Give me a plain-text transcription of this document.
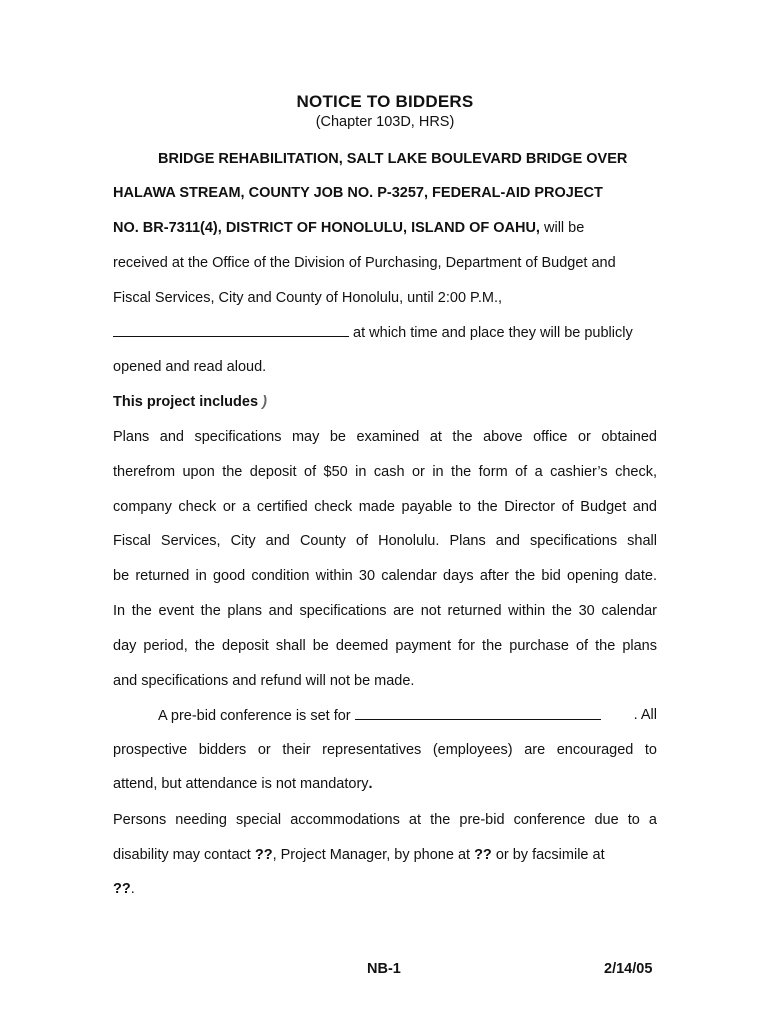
NOTICE TO BIDDERS
(Chapter 103D, HRS)
BRIDGE REHABILITATION, SALT LAKE BOULEVARD BRIDGE OVER
HALAWA STREAM, COUNTY JOB NO. P-3257, FEDERAL-AID PROJECT
NO. BR-7311(4), DISTRICT OF HONOLULU, ISLAND OF OAHU, will be
received at the Office of the Division of Purchasing, Department of Budget and
Fiscal Services, City and County of Honolulu, until 2:00 P.M.,
at which time and place they will be publicly
opened and read aloud.
This project includes )
Plans and specifications may be examined at the above office or obtained
therefrom upon the deposit of $50 in cash or in the form of a cashier’s check,
company check or a certified check made payable to the Director of Budget and
Fiscal Services, City and County of Honolulu. Plans and specifications shall
be returned in good condition within 30 calendar days after the bid opening date.
In the event the plans and specifications are not returned within the 30 calendar
day period, the deposit shall be deemed payment for the purchase of the plans
and specifications and refund will not be made.
A pre-bid conference is set for	. All
prospective bidders or their representatives (employees) are encouraged to
attend, but attendance is not mandatory.
Persons needing special accommodations at the pre-bid conference due to a
disability may contact ??, Project Manager, by phone at ?? or by facsimile at
??.
NB-1	2/14/05
